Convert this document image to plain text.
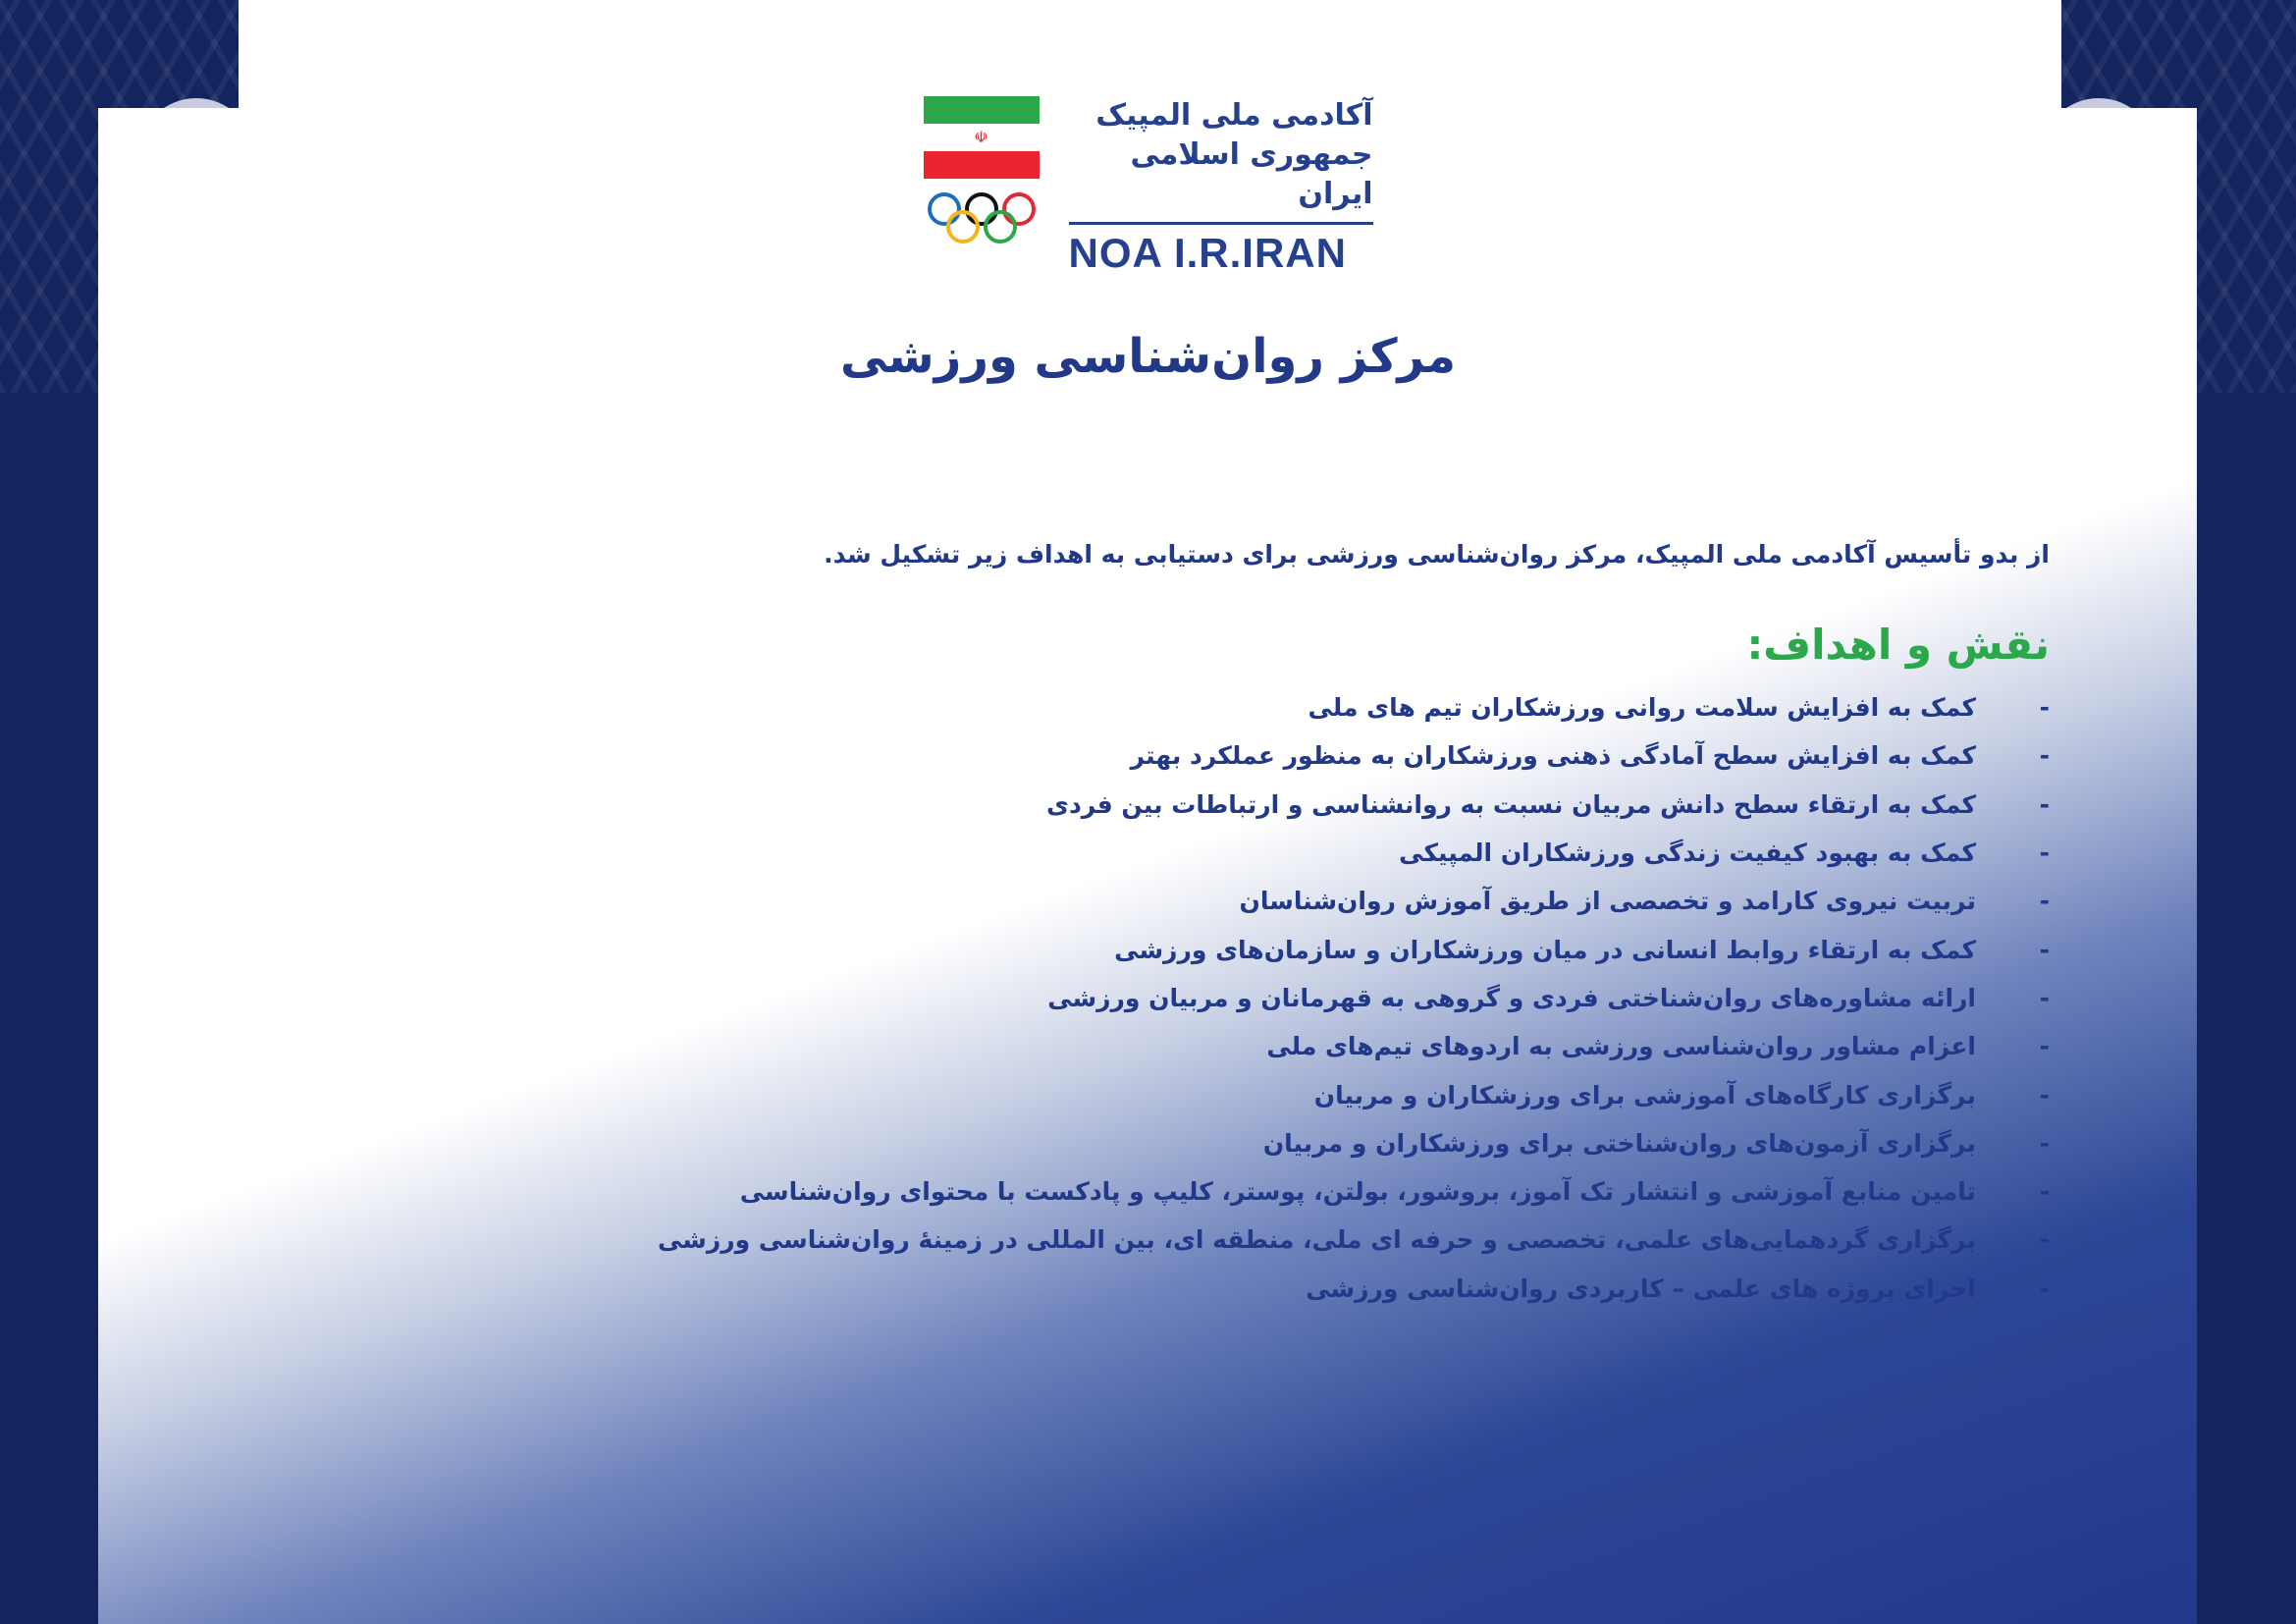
☫
آکادمی ملی المپیک
جمهوری اسلامی ایران
NOA I.R.IRAN
مرکز روان‌شناسی ورزشی
از بدو تأسیس آکادمی ملی المپیک، مرکز روان‌شناسی ورزشی برای دستیابی به اهداف زیر تشکیل شد.
نقش و اهداف:
-
کمک به افزایش سلامت روانی ورزشکاران تیم های ملی
-
کمک به افزایش سطح آمادگی ذهنی ورزشکاران به منظور عملکرد بهتر
-
کمک به ارتقاء سطح دانش مربیان نسبت به روانشناسی و ارتباطات بین فردی
-
کمک به بهبود کیفیت زندگی ورزشکاران المپیکی
-
تربیت نیروی کارامد و تخصصی از طریق آموزش روان‌شناسان
-
کمک به ارتقاء روابط انسانی در میان ورزشکاران و سازمان‌های ورزشی
-
ارائه مشاوره‌های روان‌شناختی فردی و گروهی به قهرمانان و مربیان ورزشی
-
اعزام مشاور روان‌شناسی ورزشی به اردوهای تیم‌های ملی
-
برگزاری کارگاه‌های آموزشی برای ورزشکاران و مربیان
-
برگزاری آزمون‌های روان‌شناختی برای ورزشکاران و مربیان
-
تامین منابع آموزشی و انتشار تک آموز، بروشور، بولتن، پوستر، کلیپ و پادکست با محتوای روان‌شناسی
-
برگزاری گردهمایی‌های علمی، تخصصی و حرفه ای ملی، منطقه ای، بین المللی در زمینهٔ روان‌شناسی ورزشی
-
اجرای پروژه های علمی – کاربردی روان‌شناسی ورزشی
